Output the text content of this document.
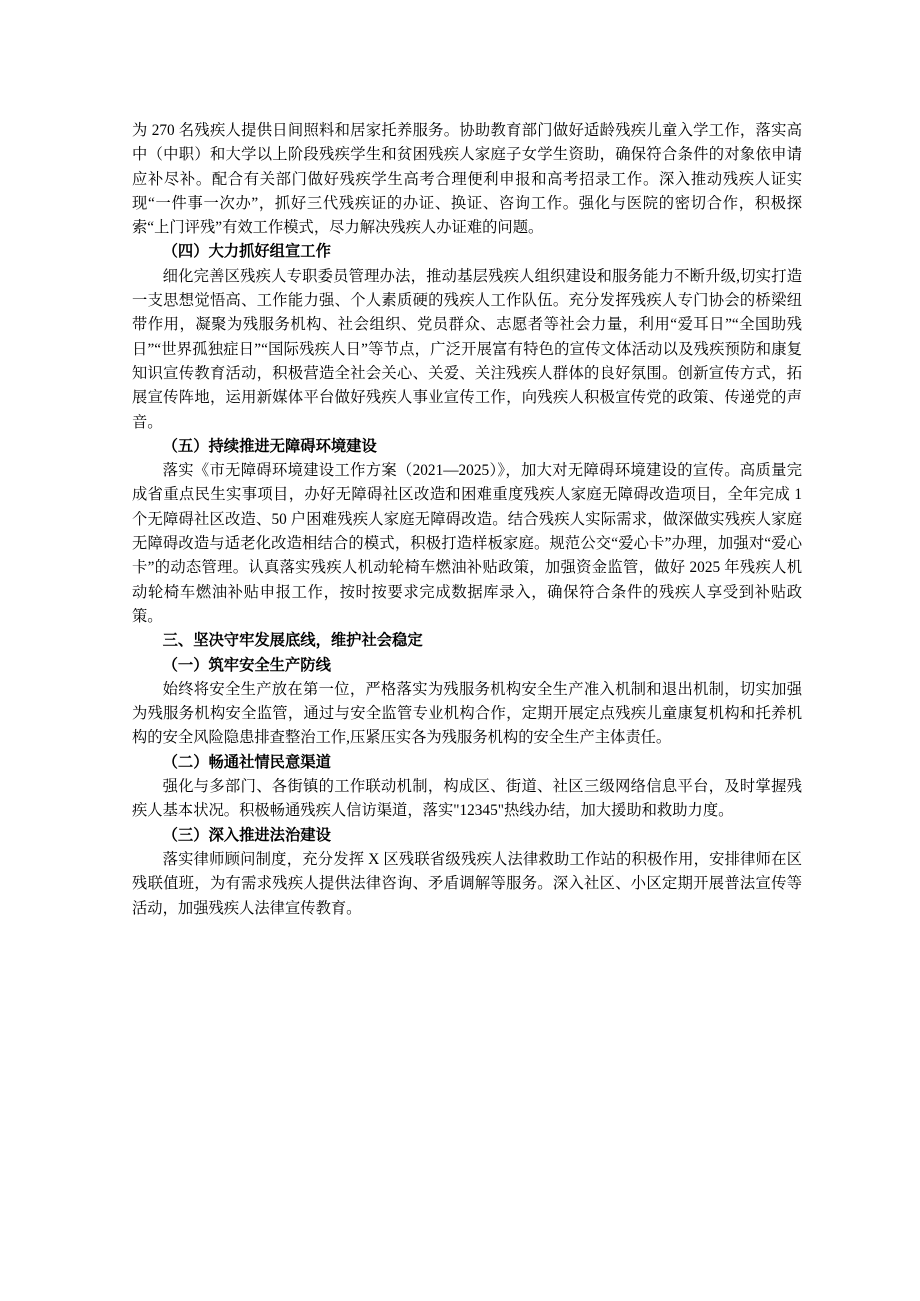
为 270 名残疾人提供日间照料和居家托养服务。协助教育部门做好适龄残疾儿童入学工作，落实高中（中职）和大学以上阶段残疾学生和贫困残疾人家庭子女学生资助，确保符合条件的对象依申请应补尽补。配合有关部门做好残疾学生高考合理便利申报和高考招录工作。深入推动残疾人证实现“一件事一次办”，抓好三代残疾证的办证、换证、咨询工作。强化与医院的密切合作，积极探索“上门评残”有效工作模式，尽力解决残疾人办证难的问题。

（四）大力抓好组宣工作

细化完善区残疾人专职委员管理办法，推动基层残疾人组织建设和服务能力不断升级,切实打造一支思想觉悟高、工作能力强、个人素质硬的残疾人工作队伍。充分发挥残疾人专门协会的桥梁纽带作用，凝聚为残服务机构、社会组织、党员群众、志愿者等社会力量，利用“爱耳日”“全国助残日”“世界孤独症日”“国际残疾人日”等节点，广泛开展富有特色的宣传文体活动以及残疾预防和康复知识宣传教育活动，积极营造全社会关心、关爱、关注残疾人群体的良好氛围。创新宣传方式，拓展宣传阵地，运用新媒体平台做好残疾人事业宣传工作，向残疾人积极宣传党的政策、传递党的声音。

（五）持续推进无障碍环境建设

落实《市无障碍环境建设工作方案（2021—2025）》，加大对无障碍环境建设的宣传。高质量完成省重点民生实事项目，办好无障碍社区改造和困难重度残疾人家庭无障碍改造项目，全年完成 1 个无障碍社区改造、50 户困难残疾人家庭无障碍改造。结合残疾人实际需求，做深做实残疾人家庭无障碍改造与适老化改造相结合的模式，积极打造样板家庭。规范公交“爱心卡”办理，加强对“爱心卡”的动态管理。认真落实残疾人机动轮椅车燃油补贴政策，加强资金监管，做好 2025 年残疾人机动轮椅车燃油补贴申报工作，按时按要求完成数据库录入，确保符合条件的残疾人享受到补贴政策。

三、坚决守牢发展底线，维护社会稳定

（一）筑牢安全生产防线

始终将安全生产放在第一位，严格落实为残服务机构安全生产准入机制和退出机制，切实加强为残服务机构安全监管，通过与安全监管专业机构合作，定期开展定点残疾儿童康复机构和托养机构的安全风险隐患排查整治工作,压紧压实各为残服务机构的安全生产主体责任。

（二）畅通社情民意渠道

强化与多部门、各街镇的工作联动机制，构成区、街道、社区三级网络信息平台，及时掌握残疾人基本状况。积极畅通残疾人信访渠道，落实"12345"热线办结，加大援助和救助力度。

（三）深入推进法治建设

落实律师顾问制度，充分发挥 X 区残联省级残疾人法律救助工作站的积极作用，安排律师在区残联值班，为有需求残疾人提供法律咨询、矛盾调解等服务。深入社区、小区定期开展普法宣传等活动，加强残疾人法律宣传教育。
